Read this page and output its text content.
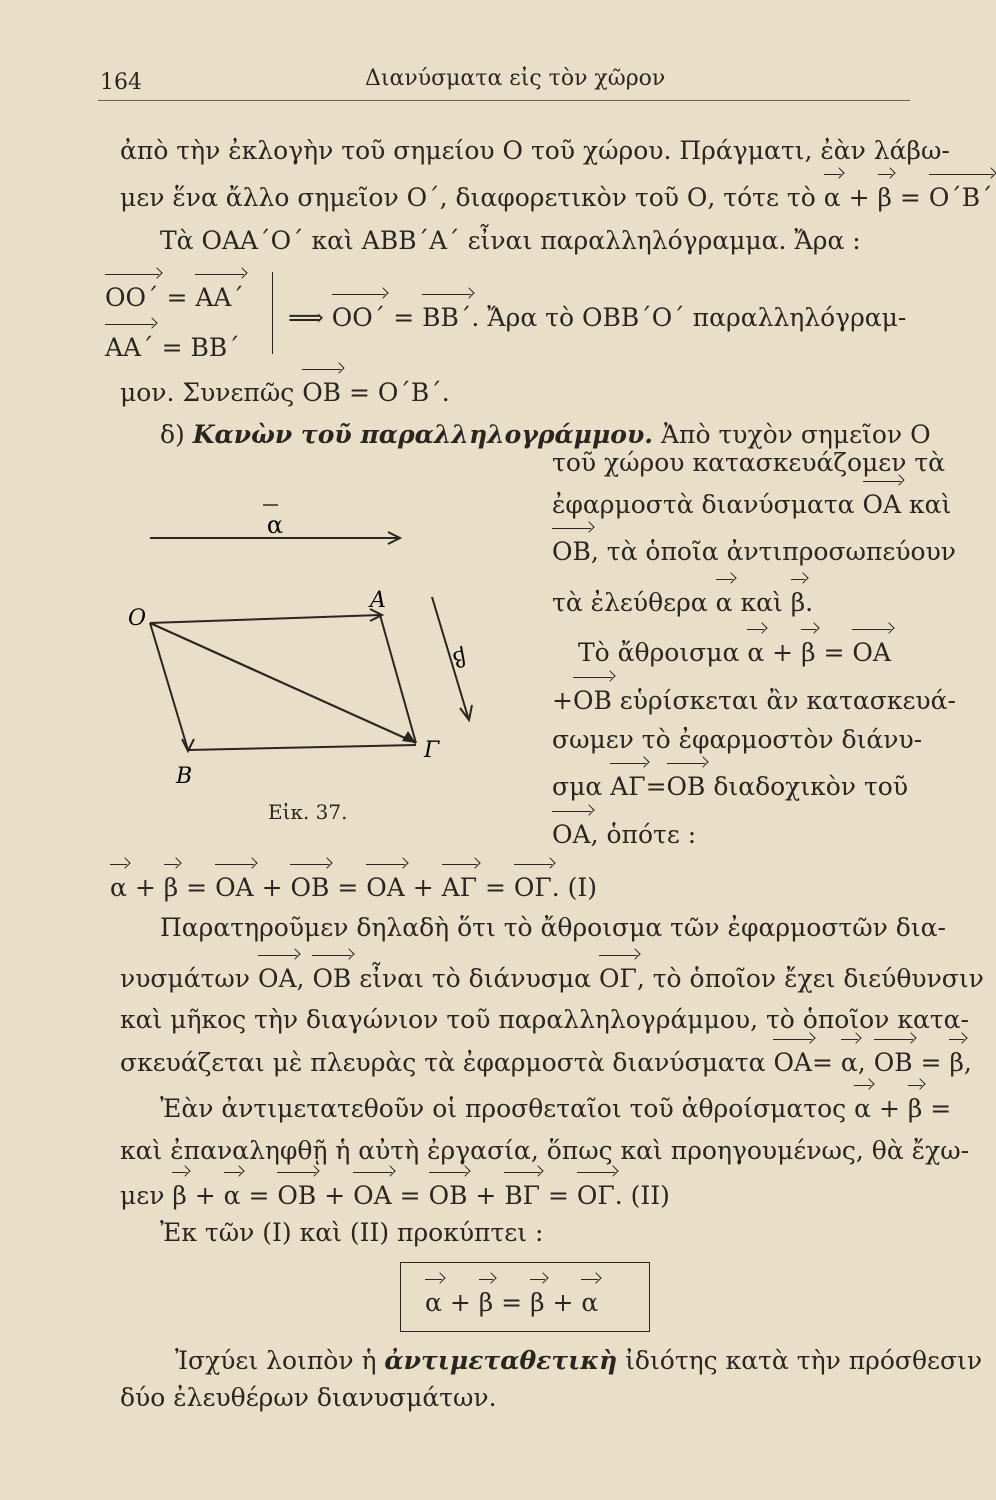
164	Διανύσματα εἰς τὸν χῶρον
ἀπὸ τὴν ἐκλογὴν τοῦ σημείου Ο τοῦ χώρου. Πράγματι, ἐὰν λάβω-
μεν ἕνα ἄλλο σημεῖον Ο΄, διαφορετικὸν τοῦ Ο, τότε τὸ α + β = Ο΄Β΄
Τὰ ΟΑΑ΄Ο΄ καὶ ΑΒΒ΄Α΄ εἶναι παραλληλόγραμμα. Ἄρα :
ΟΟ΄ = ΑΑ΄
ΑΑ΄ = ΒΒ΄
⟹ ΟΟ΄ = ΒΒ΄. Ἄρα τὸ ΟΒΒ΄Ο΄ παραλληλόγραμ-
μον. Συνεπῶς ΟΒ = Ο΄Β΄.
δ) Κανὼν τοῦ παραλληλογράμμου. Ἀπὸ τυχὸν σημεῖον Ο
τοῦ χώρου κατασκευάζομεν τὰ
ἐφαρμοστὰ διανύσματα ΟΑ καὶ
ΟΒ, τὰ ὁποῖα ἀντιπροσωπεύουν
τὰ ἐλεύθερα α καὶ β.
Τὸ ἄθροισμα α + β = ΟΑ
+ΟΒ εὑρίσκεται ἂν κατασκευά-
σωμεν τὸ ἐφαρμοστὸν διάνυ-
σμα ΑΓ=ΟΒ διαδοχικὸν τοῦ
ΟΑ, ὁπότε :
α
β
O
A
B
Γ
Εἰκ. 37.
α + β = ΟΑ + ΟΒ = ΟΑ + ΑΓ = ΟΓ. (Ι)
Παρατηροῦμεν δηλαδὴ ὅτι τὸ ἄθροισμα τῶν ἐφαρμοστῶν δια-
νυσμάτων ΟΑ, ΟΒ εἶναι τὸ διάνυσμα ΟΓ, τὸ ὁποῖον ἔχει διεύθυνσιν
καὶ μῆκος τὴν διαγώνιον τοῦ παραλληλογράμμου, τὸ ὁποῖον κατα-
σκευάζεται μὲ πλευρὰς τὰ ἐφαρμοστὰ διανύσματα ΟΑ= α, ΟΒ = β,
Ἐὰν ἀντιμετατεθοῦν οἱ προσθεταῖοι τοῦ ἀθροίσματος α + β =
καὶ ἐπαναληφθῇ ἡ αὐτὴ ἐργασία, ὅπως καὶ προηγουμένως, θὰ ἔχω-
μεν β + α = ΟΒ + ΟΑ = ΟΒ + ΒΓ = ΟΓ. (ΙΙ)
Ἐκ τῶν (Ι) καὶ (ΙΙ) προκύπτει :
α + β = β + α
Ἰσχύει λοιπὸν ἡ ἀντιμεταθετικὴ ἰδιότης κατὰ τὴν πρόσθεσιν
δύο ἐλευθέρων διανυσμάτων.
